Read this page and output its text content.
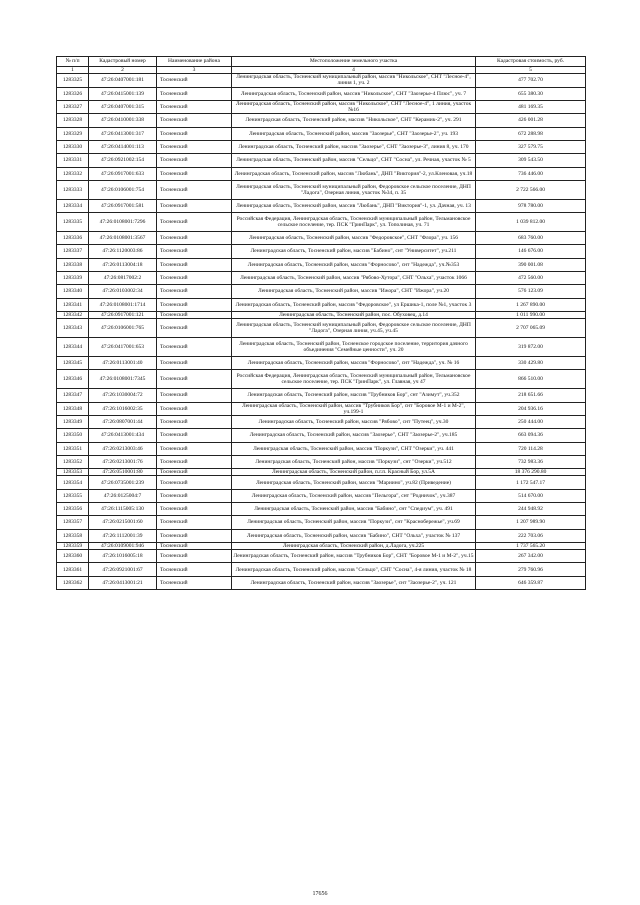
№ п/п	Кадастровый номер	Наименование района	Местоположение земельного участка	Кадастровая стоимость, руб.
1	2	3	4	5
1283325	47:26:0407001:181	Тосненский	Ленинградская область, Тосненский муниципальный район, массив "Никольское", СНТ "Лесное-4", линия 1, уч. 2	477 702.70
1283326	47:26:0415001:139	Тосненский	Ленинградская область, Тосненский район, массив "Никольское", СНТ "Заозерье-4 Плюс", уч. 7	655 380.30
1283327	47:26:0407001:315	Тосненский	Ленинградская область, Тосненский район, массив "Никольское", СНТ "Лесное-4", 1 линия, участок №16	481 169.35
1283328	47:26:0410001:338	Тосненский	Ленинградская область, Тосненский район, массив "Никольское", СНТ "Керамик-2", уч. 291	426 001.28
1283329	47:26:0413001:317	Тосненский	Ленинградская область, Тосненский район, массив "Заозерье", СНТ "Заозерье-2", уч. 193	672 288.98
1283330	47:26:0414001:113	Тосненский	Ленинградская область, Тосненский район, массив "Заозерье", СНТ "Заозерье-3", линия 8, уч. 170	327 579.75
1283331	47:26:0921002:154	Тосненский	Ленинградская область, Тосненский район, массив "Сельцо", СНТ "Сосна", ул. Речная, участок № 5	309 543.50
1283332	47:26:0917001:633	Тосненский	Ленинградская область, Тосненский район, массив "Любань", ДНП "Виктория"-2, ул.Кленовая, уч.18	736 446.00
1283333	47:26:0106001:754	Тосненский	Ленинградская область, Тосненский муниципальный район, Федоровское сельское поселение, ДНП "Ладога", Озерная линия, участок №34, п. 35	2 722 566.00
1283334	47:26:0917001:581	Тосненский	Ленинградская область, Тосненский район, массив "Любань", ДНП "Виктория"-1, ул. Дачная, уч. 13	978 780.00
1283335	47:26:0108001:7296	Тосненский	Российская Федерация, Ленинградская область, Тосненский муниципальный район, Тельмановское сельское поселение, тер. ПСК "ГринПарк", ул. Тополиная, уч. 71	1 039 812.00
1283336	47:26:0108001:3567	Тосненский	Ленинградская область, Тосненский район, массив "Федоровское", СНТ "Флора", уч. 156	683 760.00
1283337	47:26:1120003:86	Тосненский	Ленинградская область, Тосненский район, массив "Бабино", снт "Университет", уч.211	146 676.00
1283338	47:26:0113004:18	Тосненский	Ленинградская область, Тосненский район, массив "Форносово", снт "Надежда", уч.№353	390 001.08
1283339	47:26:0817002:2	Тосненский	Ленинградская область, Тосненский район, массив "Рябово-Хутора", СНТ "Ольха", участок 1066	472 560.00
1283340	47:26:0103002:34	Тосненский	Ленинградская область, Тосненский район, массив "Ижора", СНТ "Ижора", уч.20	576 123.09
1283341	47:26:0108001:1714	Тосненский	Ленинградская область, Тосненский район, массив "Федоровское", ул Ершика-1, поле №1, участок 3	1 267 890.00
1283342	47:26:0917001:121	Тосненский	Ленинградская область, Тосненский район, пос. Обуховец, д.14	1 011 990.00
1283343	47:26:0106001:765	Тосненский	Ленинградская область, Тосненский муниципальный район, Федоровское сельское поселение, ДНП "Ладога", Озерная линия, уч.45, уч.45	2 707 065.09
1283344	47:26:0417001:653	Тосненский	Ленинградская область, Тосненский район, Тосненское городское поселение, территория дачного объединения "Семейные ценности", уч. 20	319 872.00
1283345	47:26:0113001:40	Тосненский	Ленинградская область, Тосненский район, массив "Форносово", снт "Надежда", уч. № 16	330 429.80
1283346	47:26:0108001:7345	Тосненский	Российская Федерация, Ленинградская область, Тосненский муниципальный район, Тельмановское сельское поселение, тер. ПСК "ГринПарк", ул. Главная, уч 47	866 510.00
1283347	47:26:1030004:72	Тосненский	Ленинградская область, Тосненский район, массив "Трубников Бор", снт "Азимут", уч.352	218 651.66
1283348	47:26:1016002:35	Тосненский	Ленинградская область, Тосненский район, массив "Трубников Бор", снт "Боровое М-1 и М-2", уч.199-1	204 936.16
1283349	47:26:0807001:44	Тосненский	Ленинградская область, Тосненский район, массив "Рябово", снт "Путеец", уч.30	250 444.00
1283350	47:26:0413001:434	Тосненский	Ленинградская область, Тосненский район, массив "Заозерье", СНТ "Заозерье-2", уч.185	663 094.36
1283351	47:26:0213003:46	Тосненский	Ленинградская область, Тосненский район, массив "Поркузи", СНТ "Озерки", уч. 441	720 114.28
1283352	47:26:0213001:76	Тосненский	Ленинградская область, Тосненский район, массив "Поркузи", снт "Озерки", уч.512	732 983.36
1283353	47:26:0510001:80	Тосненский	Ленинградская область, Тосненский район, п.г.п. Красный Бор, ул.5А	18 376 290.80
1283354	47:26:0735001:239	Тосненский	Ленинградская область, Тосненский район, массив "Мариино", уч.82 (Приведение)	1 172 547.17
1283355	47:26:0125004:7	Тосненский	Ленинградская область, Тосненский район, массив "Пельгора", снт "Родничок", уч.387	514 670.00
1283356	47:26:1115005:130	Тосненский	Ленинградская область, Тосненский район, массив "Бабино", снт "Спедиум", уч. 491	244 948.92
1283357	47:26:0215001:60	Тосненский	Ленинградская область, Тосненский район, массив "Поркузи", снт "Краснобережье", уч.69	1 207 989.90
1283358	47:26:1112001:39	Тосненский	Ленинградская область, Тосненский район, массив "Бабино", СНТ "Ольха", участок № 137	222 703.06
1283359	47:26:0109001:946	Тосненский	Ленинградская область, Тосненский район, д.Ладога, уч.225	1 737 565.20
1283360	47:26:1016005:18	Тосненский	Ленинградская область, Тосненский район, массив "Трубников Бор", СНТ "Боровое М-1 и М-2", уч.15	267 342.00
1283361	47:26:0921001:67	Тосненский	Ленинградская область, Тосненский район, массив "Сельцо", СНТ "Сосна", 4-я линия, участок № 18	279 760.96
1283362	47:26:0413001:21	Тосненский	Ленинградская область, Тосненский район, массив "Заозерье", снт "Заозерье-2", уч. 121	646 359.87
17656
